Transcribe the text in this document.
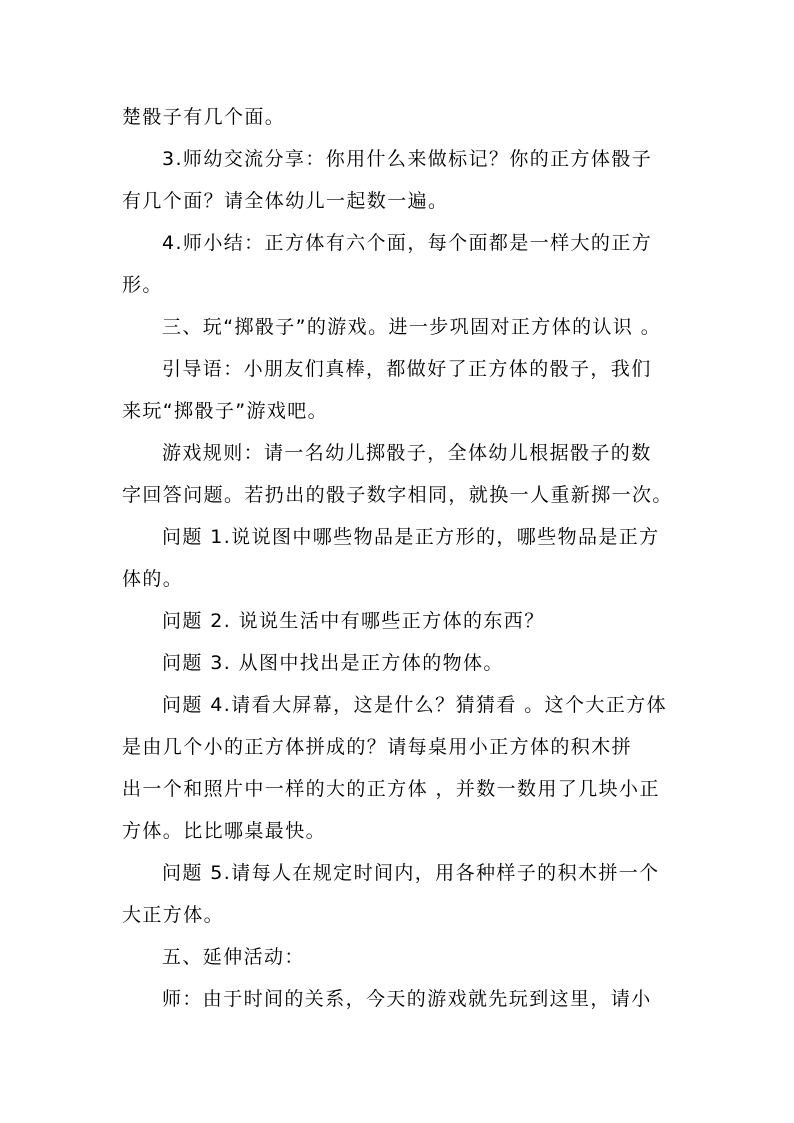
楚骰子有几个面。

3.师幼交流分享：你用什么来做标记？你的正方体骰子

有几个面？请全体幼儿一起数一遍。

4.师小结：正方体有六个面，每个面都是一样大的正方

形。

三、玩“掷骰子”的游戏。进一步巩固对正方体的认识 。

引导语：小朋友们真棒，都做好了正方体的骰子，我们

来玩“掷骰子”游戏吧。

游戏规则：请一名幼儿掷骰子，全体幼儿根据骰子的数

字回答问题。若扔出的骰子数字相同，就换一人重新掷一次。

问题 1.说说图中哪些物品是正方形的，哪些物品是正方

体的。

问题 2. 说说生活中有哪些正方体的东西？

问题 3. 从图中找出是正方体的物体。

问题 4.请看大屏幕，这是什么？猜猜看 。这个大正方体

是由几个小的正方体拼成的？请每桌用小正方体的积木拼

出一个和照片中一样的大的正方体 ，并数一数用了几块小正

方体。比比哪桌最快。

问题 5.请每人在规定时间内，用各种样子的积木拼一个

大正方体。

五、延伸活动：

师：由于时间的关系，今天的游戏就先玩到这里，请小
